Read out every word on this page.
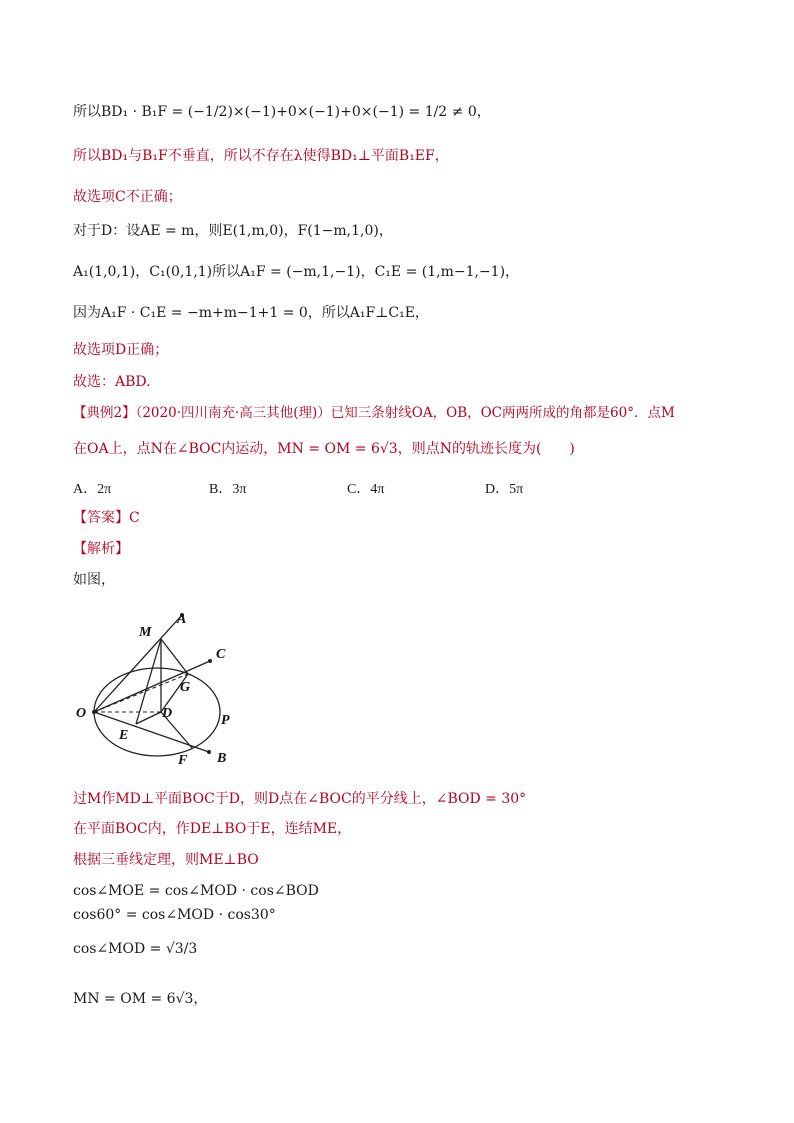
所以BD₁ · B₁F = (−1/2)×(−1)+0×(−1)+0×(−1) = 1/2 ≠ 0，
所以BD₁与B₁F不垂直，所以不存在λ使得BD₁⊥平面B₁EF，
故选项C不正确；
对于D：设AE = m，则E(1,m,0)，F(1−m,1,0)，
A₁(1,0,1)，C₁(0,1,1)所以A₁F = (−m,1,−1)，C₁E = (1,m−1,−1)，
因为A₁F · C₁E = −m+m−1+1 = 0，所以A₁F⊥C₁E，
故选项D正确；
故选：ABD.
【典例2】（2020·四川南充·高三其他(理)）已知三条射线OA，OB，OC两两所成的角都是60°．点M
在OA上，点N在∠BOC内运动，MN = OM = 6√3，则点N的轨迹长度为(　　)
A．2π	B．3π	C．4π	D．5π
【答案】C
【解析】
如图，
M
A
C
G
O	D	P
E
F B
过M作MD⊥平面BOC于D，则D点在∠BOC的平分线上，∠BOD = 30°
在平面BOC内，作DE⊥BO于E，连结ME，
根据三垂线定理，则ME⊥BO
cos∠MOE = cos∠MOD · cos∠BOD
cos60° = cos∠MOD · cos30°
cos∠MOD = √3/3
MN = OM = 6√3，
